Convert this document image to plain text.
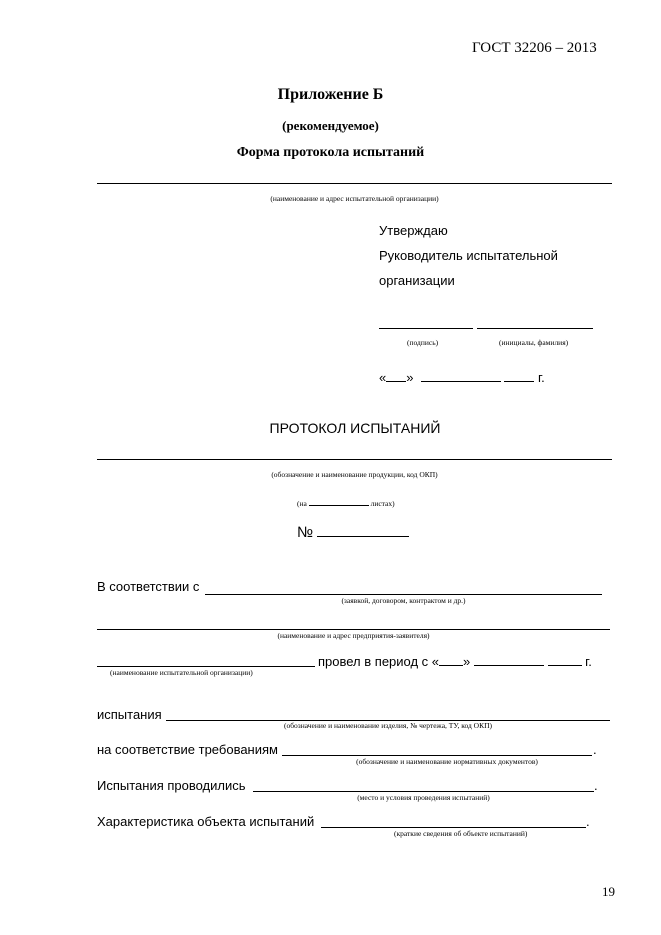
ГОСТ 32206 – 2013
Приложение Б
(рекомендуемое)
Форма протокола испытаний
(наименование и адрес испытательной организации)
Утверждаю
Руководитель испытательной
организации
(подпись)	(инициалы, фамилия)
« »	г.
ПРОТОКОЛ ИСПЫТАНИЙ
(обозначение и наименование продукции, код ОКП)
(на	листах)
№
В соответствии с
(заявкой, договором, контрактом и др.)
(наименование и адрес предприятия-заявителя)
провел в период с « »	г.
(наименование испытательной организации)
испытания
(обозначение и наименование изделия, № чертежа, ТУ, код ОКП)
на соответствие требованиям	.
(обозначение и наименование нормативных документов)
Испытания проводились	.
(место и условия проведения испытаний)
Характеристика объекта испытаний	.
(краткие сведения об объекте испытаний)
19
